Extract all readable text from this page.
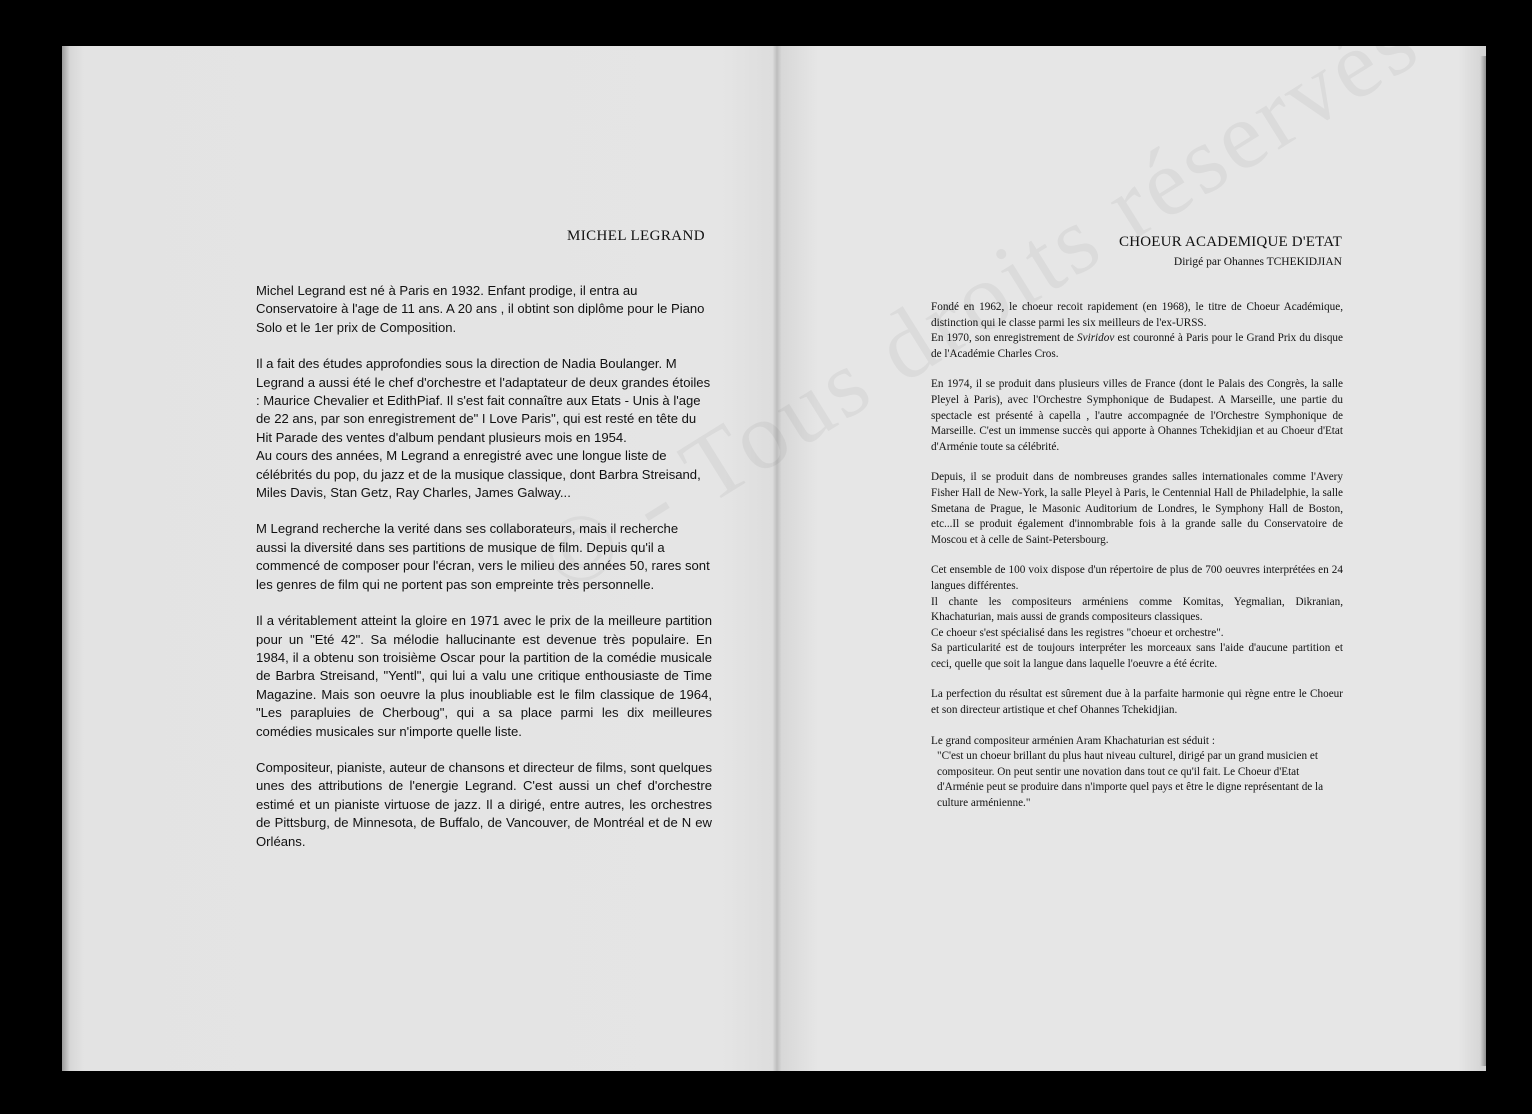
MICHEL LEGRAND

Michel Legrand est né à Paris en 1932. Enfant prodige, il entra au Conservatoire à l'age de 11 ans. A 20 ans , il obtint son diplôme pour le Piano Solo et le 1er prix de Composition.

Il a fait des études approfondies sous la direction de Nadia Boulanger. M Legrand a aussi été le chef d'orchestre et l'adaptateur de deux grandes étoiles : Maurice Chevalier et EdithPiaf. Il s'est fait connaître aux Etats - Unis à l'age de 22 ans, par son enregistrement de" I Love Paris", qui est resté en tête du Hit Parade des ventes d'album pendant plusieurs mois en 1954.

Au cours des années, M Legrand a enregistré avec une longue liste de célébrités du pop, du jazz et de la musique classique, dont Barbra Streisand, Miles Davis, Stan Getz, Ray Charles, James Galway...

M Legrand recherche la verité dans ses collaborateurs, mais il recherche aussi la diversité dans ses partitions de musique de film. Depuis qu'il a commencé de composer pour l'écran, vers le milieu des années 50, rares sont les genres de film qui ne portent pas son empreinte très personnelle.

Il a véritablement atteint la gloire en 1971 avec le prix de la meilleure partition pour un "Eté 42". Sa mélodie hallucinante est devenue très populaire. En 1984, il a obtenu son troisième Oscar pour la partition de la comédie musicale de Barbra Streisand, "Yentl", qui lui a valu une critique enthousiaste de Time Magazine. Mais son oeuvre la plus inoubliable est le film classique de 1964, "Les parapluies de Cherboug", qui a sa place parmi les dix meilleures comédies musicales sur n'importe quelle liste.

Compositeur, pianiste, auteur de chansons et directeur de films, sont quelques unes des attributions de l'energie Legrand. C'est aussi un chef d'orchestre estimé et un pianiste virtuose de jazz. Il a dirigé, entre autres, les orchestres de Pittsburg, de Minnesota, de Buffalo, de Vancouver, de Montréal et de N ew Orléans.

CHOEUR ACADEMIQUE D'ETAT
Dirigé par Ohannes TCHEKIDJIAN

Fondé en 1962, le choeur recoit rapidement (en 1968), le titre de Choeur Académique, distinction qui le classe parmi les six meilleurs de l'ex-URSS.
En 1970, son enregistrement de Sviridov est couronné à Paris pour le Grand Prix du disque de l'Académie Charles Cros.

En 1974, il se produit dans plusieurs villes de France (dont le Palais des Congrès, la salle Pleyel à Paris), avec l'Orchestre Symphonique de Budapest. A Marseille, une partie du spectacle est présenté à capella , l'autre accompagnée de l'Orchestre Symphonique de Marseille. C'est un immense succès qui apporte à Ohannes Tchekidjian et au Choeur d'Etat d'Arménie toute sa célébrité.

Depuis, il se produit dans de nombreuses grandes salles internationales comme l'Avery Fisher Hall de New-York, la salle Pleyel à Paris, le Centennial Hall de Philadelphie, la salle Smetana de Prague, le Masonic Auditorium de Londres, le Symphony Hall de Boston, etc...Il se produit également d'innombrable fois à la grande salle du Conservatoire de Moscou et à celle de Saint-Petersbourg.

Cet ensemble de 100 voix dispose d'un répertoire de plus de 700 oeuvres interprétées en 24 langues différentes.
Il chante les compositeurs arméniens comme Komitas, Yegmalian, Dikranian, Khachaturian, mais aussi de grands compositeurs classiques.
Ce choeur s'est spécialisé dans les registres "choeur et orchestre".
Sa particularité est de toujours interpréter les morceaux sans l'aide d'aucune partition et ceci, quelle que soit la langue dans laquelle l'oeuvre a été écrite.

La perfection du résultat est sûrement due à la parfaite harmonie qui règne entre le Choeur et son directeur artistique et chef Ohannes Tchekidjian.

Le grand compositeur arménien Aram Khachaturian est séduit :

"C'est un choeur brillant du plus haut niveau culturel, dirigé par un grand musicien et compositeur. On peut sentir une novation dans tout ce qu'il fait. Le Choeur d'Etat d'Arménie peut se produire dans n'importe quel pays et être le digne représentant de la culture arménienne."
